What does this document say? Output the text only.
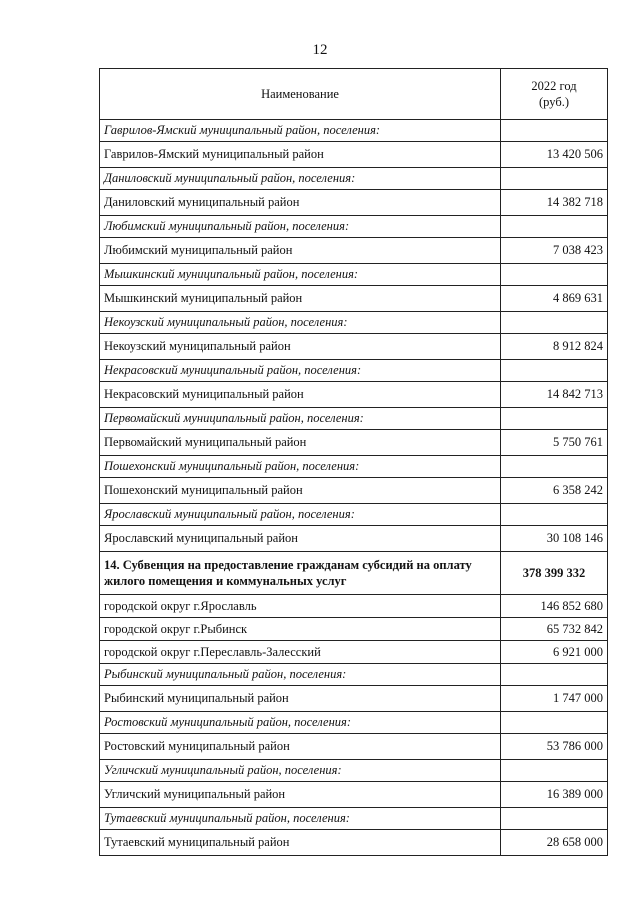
12
Наименование	2022 год
(руб.)
Гаврилов-Ямский муниципальный район, поселения:	
Гаврилов-Ямский муниципальный район	13 420 506
Даниловский муниципальный район, поселения:	
Даниловский муниципальный район	14 382 718
Любимский муниципальный район, поселения:	
Любимский муниципальный район	7 038 423
Мышкинский муниципальный район, поселения:	
Мышкинский муниципальный район	4 869 631
Некоузский муниципальный район, поселения:	
Некоузский муниципальный район	8 912 824
Некрасовский муниципальный район, поселения:	
Некрасовский муниципальный район	14 842 713
Первомайский муниципальный район, поселения:	
Первомайский муниципальный район	5 750 761
Пошехонский муниципальный район, поселения:	
Пошехонский муниципальный район	6 358 242
Ярославский муниципальный район, поселения:	
Ярославский муниципальный район	30 108 146
14. Субвенция на предоставление гражданам субсидий на оплату жилого помещения и коммунальных услуг	378 399 332
городской округ г.Ярославль	146 852 680
городской округ г.Рыбинск	65 732 842
городской округ г.Переславль-Залесский	6 921 000
Рыбинский муниципальный район, поселения:	
Рыбинский муниципальный район	1 747 000
Ростовский муниципальный район, поселения:	
Ростовский муниципальный район	53 786 000
Угличский муниципальный район, поселения:	
Угличский муниципальный район	16 389 000
Тутаевский муниципальный район, поселения:	
Тутаевский муниципальный район	28 658 000
